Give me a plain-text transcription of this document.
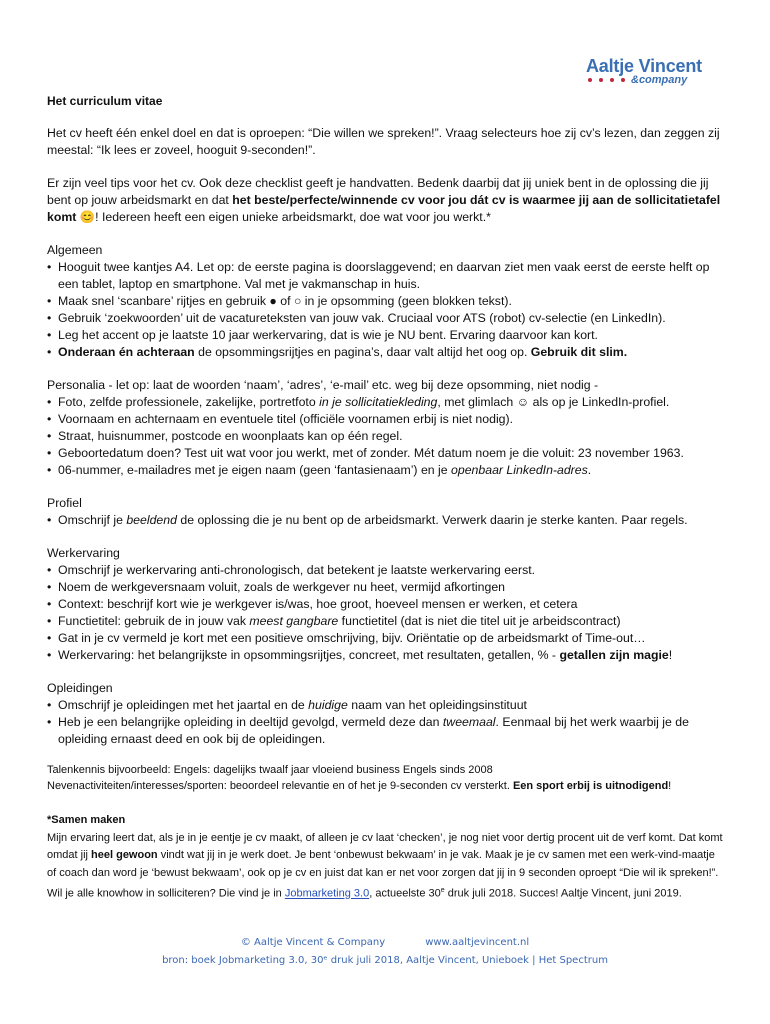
Aaltje Vincent
&company

Het curriculum vitae

Het cv heeft één enkel doel en dat is oproepen: “Die willen we spreken!”. Vraag selecteurs hoe zij cv’s lezen, dan zeggen zij meestal: “Ik lees er zoveel, hooguit 9-seconden!”.

Er zijn veel tips voor het cv. Ook deze checklist geeft je handvatten. Bedenk daarbij dat jij uniek bent in de oplossing die jij bent op jouw arbeidsmarkt en dat het beste/perfecte/winnende cv voor jou dát cv is waarmee jij aan de sollicitatietafel komt 😊! Iedereen heeft een eigen unieke arbeidsmarkt, doe wat voor jou werkt.*

Algemeen

• Hooguit twee kantjes A4. Let op: de eerste pagina is doorslaggevend; en daarvan ziet men vaak eerst de eerste helft op een tablet, laptop en smartphone. Val met je vakmanschap in huis.
• Maak snel ‘scanbare’ rijtjes en gebruik ● of ○ in je opsomming (geen blokken tekst).
• Gebruik ‘zoekwoorden’ uit de vacatureteksten van jouw vak. Cruciaal voor ATS (robot) cv-selectie (en LinkedIn).
• Leg het accent op je laatste 10 jaar werkervaring, dat is wie je NU bent. Ervaring daarvoor kan kort.
• Onderaan én achteraan de opsommingsrijtjes en pagina’s, daar valt altijd het oog op. Gebruik dit slim.

Personalia - let op: laat de woorden ‘naam’, ‘adres’, ‘e-mail’ etc. weg bij deze opsomming, niet nodig -

• Foto, zelfde professionele, zakelijke, portretfoto in je sollicitatiekleding, met glimlach ☺ als op je LinkedIn-profiel.
• Voornaam en achternaam en eventuele titel (officiële voornamen erbij is niet nodig).
• Straat, huisnummer, postcode en woonplaats kan op één regel.
• Geboortedatum doen? Test uit wat voor jou werkt, met of zonder. Mét datum noem je die voluit: 23 november 1963.
• 06-nummer, e-mailadres met je eigen naam (geen ‘fantasienaam’) en je openbaar LinkedIn-adres.

Profiel

• Omschrijf je beeldend de oplossing die je nu bent op de arbeidsmarkt. Verwerk daarin je sterke kanten. Paar regels.

Werkervaring

• Omschrijf je werkervaring anti-chronologisch, dat betekent je laatste werkervaring eerst.
• Noem de werkgeversnaam voluit, zoals de werkgever nu heet, vermijd afkortingen
• Context: beschrijf kort wie je werkgever is/was, hoe groot, hoeveel mensen er werken, et cetera
• Functietitel: gebruik de in jouw vak meest gangbare functietitel (dat is niet die titel uit je arbeidscontract)
• Gat in je cv vermeld je kort met een positieve omschrijving, bijv. Oriëntatie op de arbeidsmarkt of Time-out…
• Werkervaring: het belangrijkste in opsommingsrijtjes, concreet, met resultaten, getallen, % - getallen zijn magie!

Opleidingen

• Omschrijf je opleidingen met het jaartal en de huidige naam van het opleidingsinstituut
• Heb je een belangrijke opleiding in deeltijd gevolgd, vermeld deze dan tweemaal. Eenmaal bij het werk waarbij je de opleiding ernaast deed en ook bij de opleidingen.

Talenkennis bijvoorbeeld: Engels: dagelijks twaalf jaar vloeiend business Engels sinds 2008

Nevenactiviteiten/interesses/sporten: beoordeel relevantie en of het je 9-seconden cv versterkt. Een sport erbij is uitnodigend!

*Samen maken

Mijn ervaring leert dat, als je in je eentje je cv maakt, of alleen je cv laat ‘checken’, je nog niet voor dertig procent uit de verf komt. Dat komt omdat jij heel gewoon vindt wat jij in je werk doet. Je bent ‘onbewust bekwaam’ in je vak. Maak je je cv samen met een werk-vind-maatje of coach dan word je ‘bewust bekwaam’, ook op je cv en juist dat kan er net voor zorgen dat jij in 9 seconden oproept “Die wil ik spreken!”. Wil je alle knowhow in solliciteren? Die vind je in Jobmarketing 3.0, actueelste 30e druk juli 2018. Succes! Aaltje Vincent, juni 2019.

© Aaltje Vincent & Company	www.aaltjevincent.nl
bron: boek Jobmarketing 3.0, 30ᵉ druk juli 2018, Aaltje Vincent, Unieboek | Het Spectrum
